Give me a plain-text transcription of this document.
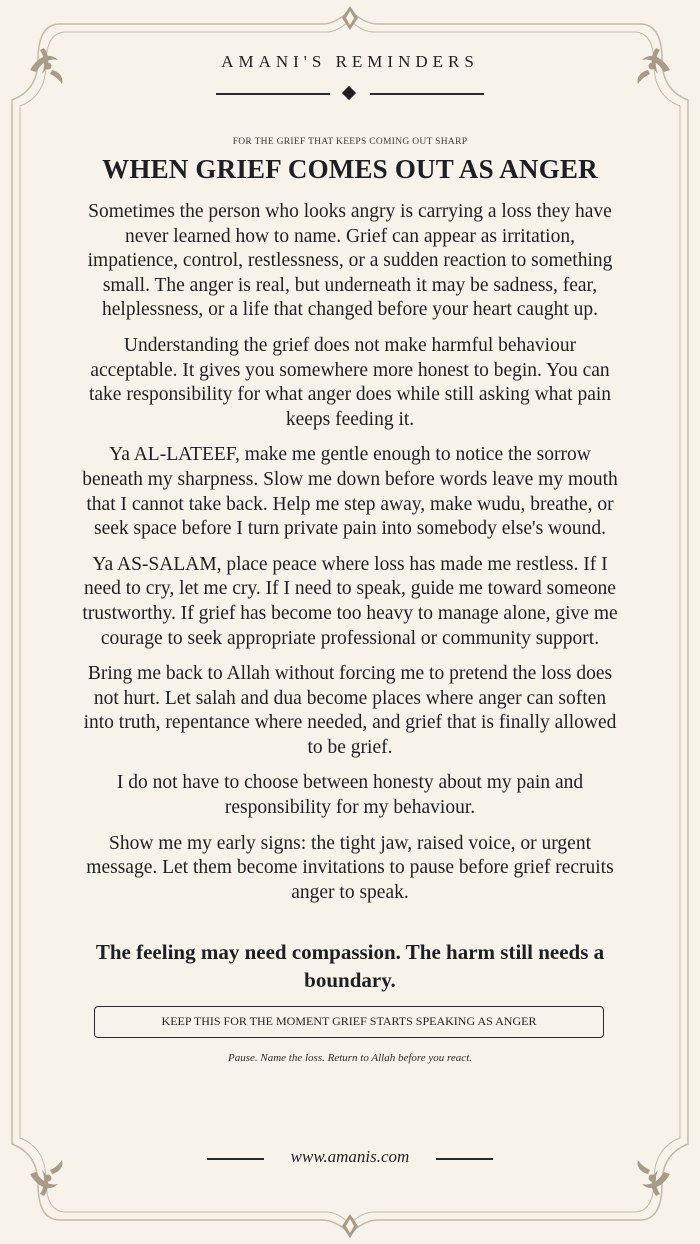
AMANI'S REMINDERS
FOR THE GRIEF THAT KEEPS COMING OUT SHARP
WHEN GRIEF COMES OUT AS ANGER

Sometimes the person who looks angry is carrying a loss they have never learned how to name. Grief can appear as irritation, impatience, control, restlessness, or a sudden reaction to something small. The anger is real, but underneath it may be sadness, fear, helplessness, or a life that changed before your heart caught up.

Understanding the grief does not make harmful behaviour acceptable. It gives you somewhere more honest to begin. You can take responsibility for what anger does while still asking what pain keeps feeding it.

Ya AL-LATEEF, make me gentle enough to notice the sorrow beneath my sharpness. Slow me down before words leave my mouth that I cannot take back. Help me step away, make wudu, breathe, or seek space before I turn private pain into somebody else's wound.

Ya AS-SALAM, place peace where loss has made me restless. If I need to cry, let me cry. If I need to speak, guide me toward someone trustworthy. If grief has become too heavy to manage alone, give me courage to seek appropriate professional or community support.

Bring me back to Allah without forcing me to pretend the loss does not hurt. Let salah and dua become places where anger can soften into truth, repentance where needed, and grief that is finally allowed to be grief.

I do not have to choose between honesty about my pain and responsibility for my behaviour.

Show me my early signs: the tight jaw, raised voice, or urgent message. Let them become invitations to pause before grief recruits anger to speak.

The feeling may need compassion. The harm still needs a boundary.
KEEP THIS FOR THE MOMENT GRIEF STARTS SPEAKING AS ANGER
Pause. Name the loss. Return to Allah before you react.
www.amanis.com
